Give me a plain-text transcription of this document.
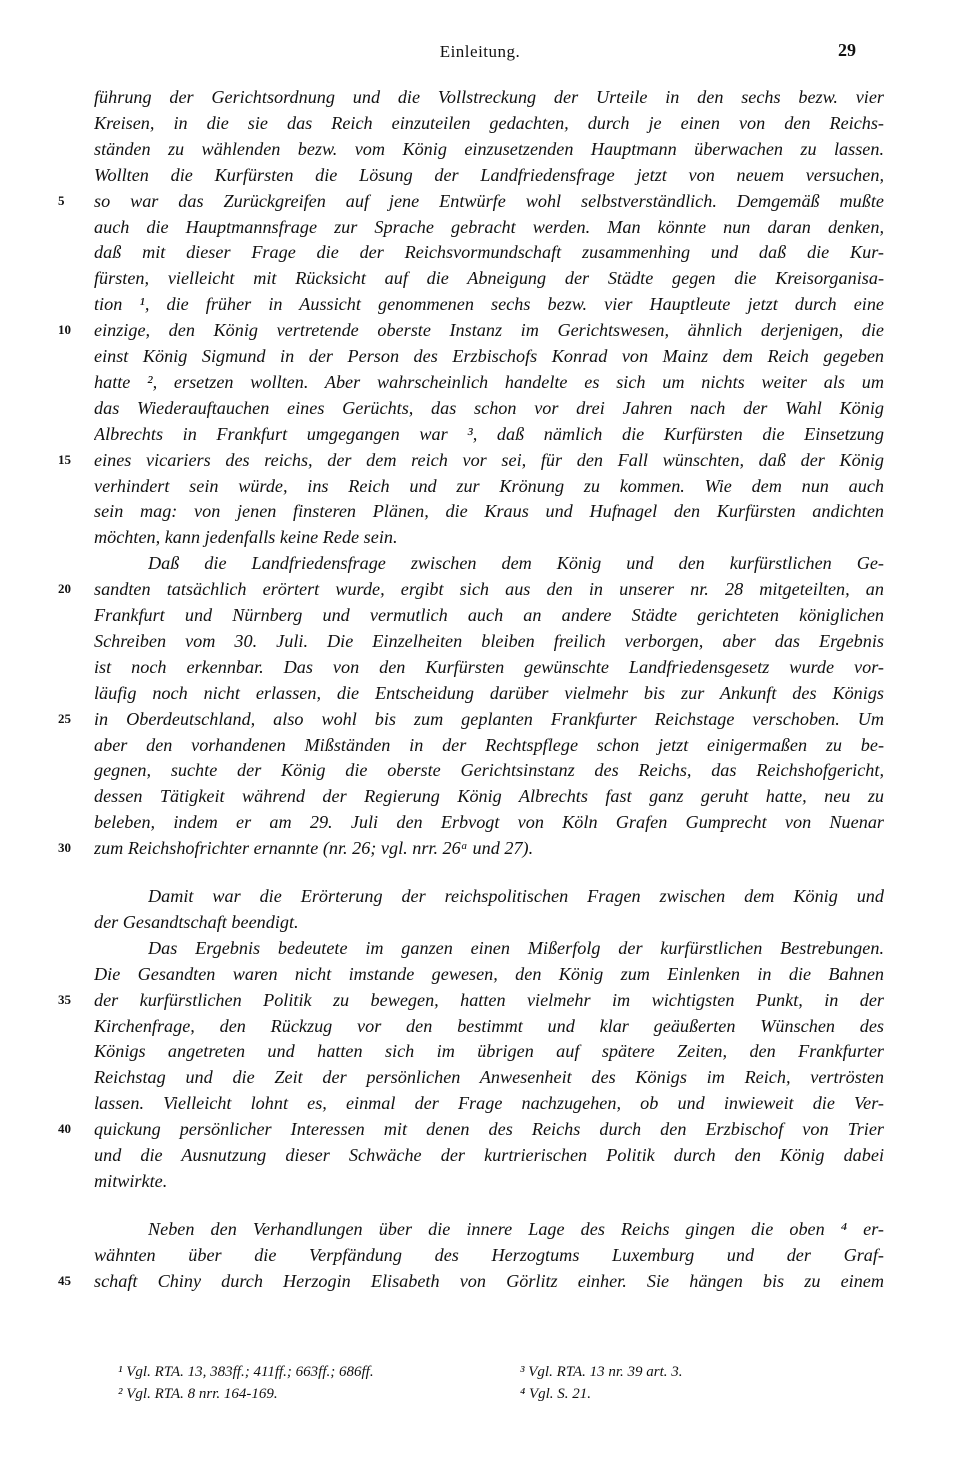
Einleitung.	29
führung der Gerichtsordnung und die Vollstreckung der Urteile in den sechs bezw. vier
Kreisen, in die sie das Reich einzuteilen gedachten, durch je einen von den Reichs-
ständen zu wählenden bezw. vom König einzusetzenden Hauptmann überwachen zu lassen.
Wollten die Kurfürsten die Lösung der Landfriedensfrage jetzt von neuem versuchen,
so war das Zurückgreifen auf jene Entwürfe wohl selbstverständlich. Demgemäß mußte
5
auch die Hauptmannsfrage zur Sprache gebracht werden. Man könnte nun daran denken,
daß mit dieser Frage die der Reichsvormundschaft zusammenhing und daß die Kur-
fürsten, vielleicht mit Rücksicht auf die Abneigung der Städte gegen die Kreisorganisa-
tion ¹, die früher in Aussicht genommenen sechs bezw. vier Hauptleute jetzt durch eine
einzige, den König vertretende oberste Instanz im Gerichtswesen, ähnlich derjenigen, die
10
einst König Sigmund in der Person des Erzbischofs Konrad von Mainz dem Reich gegeben
hatte ², ersetzen wollten. Aber wahrscheinlich handelte es sich um nichts weiter als um
das Wiederauftauchen eines Gerüchts, das schon vor drei Jahren nach der Wahl König
Albrechts in Frankfurt umgegangen war ³, daß nämlich die Kurfürsten die Einsetzung
eines vicariers des reichs, der dem reich vor sei, für den Fall wünschten, daß der König
15
verhindert sein würde, ins Reich und zur Krönung zu kommen. Wie dem nun auch
sein mag: von jenen finsteren Plänen, die Kraus und Hufnagel den Kurfürsten andichten
möchten, kann jedenfalls keine Rede sein.
Daß die Landfriedensfrage zwischen dem König und den kurfürstlichen Ge-
sandten tatsächlich erörtert wurde, ergibt sich aus den in unserer nr. 28 mitgeteilten, an
20
Frankfurt und Nürnberg und vermutlich auch an andere Städte gerichteten königlichen
Schreiben vom 30. Juli. Die Einzelheiten bleiben freilich verborgen, aber das Ergebnis
ist noch erkennbar. Das von den Kurfürsten gewünschte Landfriedensgesetz wurde vor-
läufig noch nicht erlassen, die Entscheidung darüber vielmehr bis zur Ankunft des Königs
in Oberdeutschland, also wohl bis zum geplanten Frankfurter Reichstage verschoben. Um
25
aber den vorhandenen Mißständen in der Rechtspflege schon jetzt einigermaßen zu be-
gegnen, suchte der König die oberste Gerichtsinstanz des Reichs, das Reichshofgericht,
dessen Tätigkeit während der Regierung König Albrechts fast ganz geruht hatte, neu zu
beleben, indem er am 29. Juli den Erbvogt von Köln Grafen Gumprecht von Nuenar
zum Reichshofrichter ernannte (nr. 26; vgl. nrr. 26ᵃ und 27).
30
Damit war die Erörterung der reichspolitischen Fragen zwischen dem König und
der Gesandtschaft beendigt.
Das Ergebnis bedeutete im ganzen einen Mißerfolg der kurfürstlichen Bestrebungen.
Die Gesandten waren nicht imstande gewesen, den König zum Einlenken in die Bahnen
der kurfürstlichen Politik zu bewegen, hatten vielmehr im wichtigsten Punkt, in der
35
Kirchenfrage, den Rückzug vor den bestimmt und klar geäußerten Wünschen des
Königs angetreten und hatten sich im übrigen auf spätere Zeiten, den Frankfurter
Reichstag und die Zeit der persönlichen Anwesenheit des Königs im Reich, vertrösten
lassen. Vielleicht lohnt es, einmal der Frage nachzugehen, ob und inwieweit die Ver-
quickung persönlicher Interessen mit denen des Reichs durch den Erzbischof von Trier
40
und die Ausnutzung dieser Schwäche der kurtrierischen Politik durch den König dabei
mitwirkte.
Neben den Verhandlungen über die innere Lage des Reichs gingen die oben ⁴ er-
wähnten über die Verpfändung des Herzogtums Luxemburg und der Graf-
schaft Chiny durch Herzogin Elisabeth von Görlitz einher. Sie hängen bis zu einem
45
¹ Vgl. RTA. 13, 383ff.; 411ff.; 663ff.; 686ff.
² Vgl. RTA. 8 nrr. 164-169.
³ Vgl. RTA. 13 nr. 39 art. 3.
⁴ Vgl. S. 21.
